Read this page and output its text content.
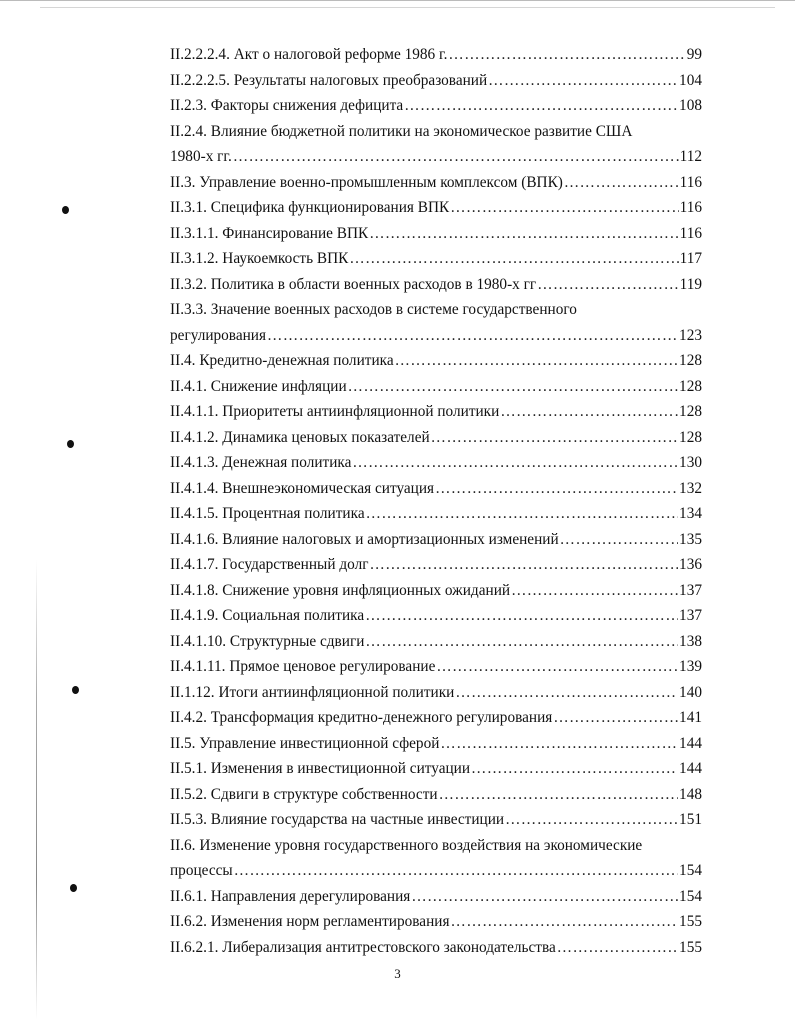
II.2.2.2.4. Акт о налоговой реформе 1986 г. …………………………………………………………………………………………………………………………………………………………………	99
II.2.2.2.5. Результаты налоговых преобразований …………………………………………………………………………………………………………………………………………………………………	104
II.2.3. Факторы снижения дефицита …………………………………………………………………………………………………………………………………………………………………	108
II.2.4. Влияние бюджетной политики на экономическое развитие США
1980-х гг. …………………………………………………………………………………………………………………………………………………………………	112
II.3. Управление военно-промышленным комплексом (ВПК) …………………………………………………………………………………………………………………………………………………………………	116
II.3.1. Специфика функционирования ВПК …………………………………………………………………………………………………………………………………………………………………	116
II.3.1.1. Финансирование ВПК …………………………………………………………………………………………………………………………………………………………………	116
II.3.1.2. Наукоемкость ВПК …………………………………………………………………………………………………………………………………………………………………	117
II.3.2. Политика в области военных расходов в 1980-х гг …………………………………………………………………………………………………………………………………………………………………	119
II.3.3. Значение военных расходов в системе государственного
регулирования …………………………………………………………………………………………………………………………………………………………………	123
II.4. Кредитно-денежная политика …………………………………………………………………………………………………………………………………………………………………	128
II.4.1. Снижение инфляции …………………………………………………………………………………………………………………………………………………………………	128
II.4.1.1. Приоритеты антиинфляционной политики …………………………………………………………………………………………………………………………………………………………………	128
II.4.1.2. Динамика ценовых показателей …………………………………………………………………………………………………………………………………………………………………	128
II.4.1.3. Денежная политика …………………………………………………………………………………………………………………………………………………………………	130
II.4.1.4. Внешнеэкономическая ситуация …………………………………………………………………………………………………………………………………………………………………	132
II.4.1.5. Процентная политика …………………………………………………………………………………………………………………………………………………………………	134
II.4.1.6. Влияние налоговых и амортизационных изменений …………………………………………………………………………………………………………………………………………………………………	135
II.4.1.7. Государственный долг …………………………………………………………………………………………………………………………………………………………………	136
II.4.1.8. Снижение уровня инфляционных ожиданий …………………………………………………………………………………………………………………………………………………………………	137
II.4.1.9. Социальная политика …………………………………………………………………………………………………………………………………………………………………	137
II.4.1.10. Структурные сдвиги …………………………………………………………………………………………………………………………………………………………………	138
II.4.1.11. Прямое ценовое регулирование …………………………………………………………………………………………………………………………………………………………………	139
II.1.12. Итоги антиинфляционной политики …………………………………………………………………………………………………………………………………………………………………	140
II.4.2. Трансформация кредитно-денежного регулирования …………………………………………………………………………………………………………………………………………………………………	141
II.5. Управление инвестиционной сферой …………………………………………………………………………………………………………………………………………………………………	144
II.5.1. Изменения в инвестиционной ситуации …………………………………………………………………………………………………………………………………………………………………	144
II.5.2. Сдвиги в структуре собственности …………………………………………………………………………………………………………………………………………………………………	148
II.5.3. Влияние государства на частные инвестиции …………………………………………………………………………………………………………………………………………………………………	151
II.6. Изменение уровня государственного воздействия на экономические
процессы …………………………………………………………………………………………………………………………………………………………………	154
II.6.1. Направления дерегулирования …………………………………………………………………………………………………………………………………………………………………	154
II.6.2. Изменения норм регламентирования …………………………………………………………………………………………………………………………………………………………………	155
II.6.2.1. Либерализация антитрестовского законодательства …………………………………………………………………………………………………………………………………………………………………	155
3
